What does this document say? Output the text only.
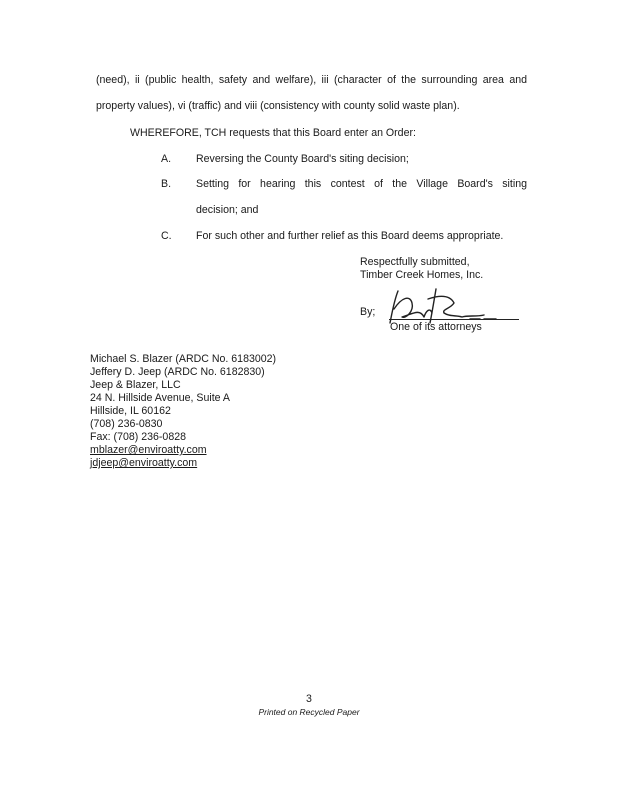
(need), ii (public health, safety and welfare), iii (character of the surrounding area and
property values), vi (traffic) and viii (consistency with county solid waste plan).
WHEREFORE, TCH requests that this Board enter an Order:
A. Reversing the County Board's siting decision;
B. Setting for hearing this contest of the Village Board's siting
decision; and
C. For such other and further relief as this Board deems appropriate.
Respectfully submitted,
Timber Creek Homes, Inc.
By;
One of its attorneys
Michael S. Blazer (ARDC No. 6183002)
Jeffery D. Jeep (ARDC No. 6182830)
Jeep & Blazer, LLC
24 N. Hillside Avenue, Suite A
Hillside, IL 60162
(708) 236-0830
Fax: (708) 236-0828
mblazer@enviroatty.com
jdjeep@enviroatty.com
3
Printed on Recycled Paper
